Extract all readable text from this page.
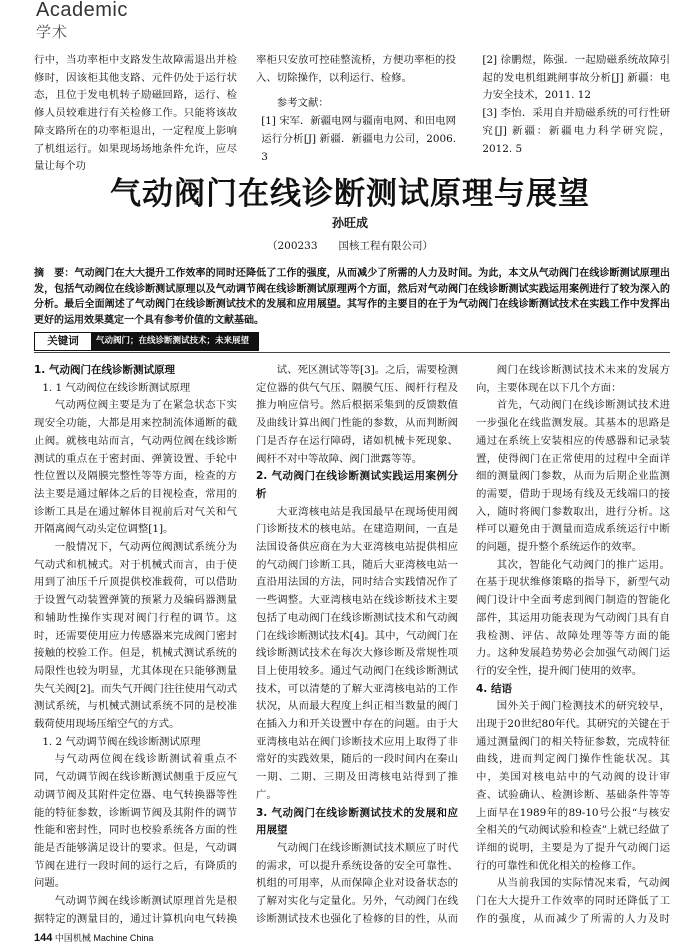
Academic
学术

行中，当功率柜中支路发生故障需退出并检修时，因该柜其他支路、元件仍处于运行状态，且位于发电机转子励磁回路，运行、检修人员较难进行有关检修工作。只能将该故障支路所在的功率柜退出，一定程度上影响了机组运行。如果现场场地条件允许，应尽量让每个功

率柜只安放可控硅整流桥，方便功率柜的投入、切除操作，以利运行、检修。

参考文献：

[1] 宋军．新疆电网与疆南电网、和田电网运行分析[J] 新疆．新疆电力公司，2006. 3

[2] 徐鹏煜，陈强．一起励磁系统故障引起的发电机组跳闸事故分析[J] 新疆：电力安全技术，2011. 12

[3] 李怡．采用自并励磁系统的可行性研究[J] 新疆：新疆电力科学研究院，2012. 5

气动阀门在线诊断测试原理与展望
孙旺成
（200233　　国核工程有限公司）
摘　要：气动阀门在大大提升工作效率的同时还降低了工作的强度，从而减少了所需的人力及时间。为此，本文从气动阀门在线诊断测试原理出发，包括气动阀位在线诊断测试原理以及气动调节阀在线诊断测试原理两个方面，然后对气动阀门在线诊断测试实践运用案例进行了较为深入的分析。最后全面阐述了气动阀门在线诊断测试技术的发展和应用展望。其写作的主要目的在于为气动阀门在线诊断测试技术在实践工作中发挥出更好的运用效果奠定一个具有参考价值的文献基础。
关键词	气动阀门；在线诊断测试技术；未来展望
1. 气动阀门在线诊断测试原理

1. 1 气动阀位在线诊断测试原理

气动两位阀主要是为了在紧急状态下实现安全功能，大都是用来控制流体通断的截止阀。就核电站而言，气动两位阀在线诊断测试的重点在于密封面、弹簧设置、手轮中性位置以及隔膜完整性等等方面，检查的方法主要是通过解体之后的目视检查，常用的诊断工具是在通过解体目视前后对气关和气开隔离阀气动头定位调整[1]。

一般情况下，气动两位阀测试系统分为气动式和机械式。对于机械式而言，由于使用到了油压千斤顶提供校准载荷，可以借助于设置气动装置弹簧的预紧力及编码器测量和辅助性操作实现对阀门行程的调节。这时，还需要使用应力传感器来完成阀门密封接触的校验工作。但是，机械式测试系统的局限性也较为明显，尤其体现在只能够测量失气关阀[2]。而失气开阀门往往使用气动式测试系统，与机械式测试系统不同的是校准载荷使用现场压缩空气的方式。

1. 2 气动调节阀在线诊断测试原理

与气动两位阀在线诊断测试着重点不同，气动调节阀在线诊断测试侧重于反应气动调节阀及其附件定位器、电气转换器等性能的特征参数，诊断调节阀及其附件的调节性能和密封性，同时也校验系统各方面的性能是否能够满足设计的要求。但是，气动调节阀在进行一段时间的运行之后，有降质的问题。

气动调节阀在线诊断测试原理首先是根据特定的测量目的，通过计算机向电气转换

试、死区测试等等[3]。之后，需要检测定位器的供气气压、隔膜气压、阀杆行程及推力响应信号。然后根据采集到的反馈数值及曲线计算出阀门性能的参数，从而判断阀门是否存在运行障碍，诸如机械卡死现象、阀杆不对中等故障、阀门泄露等等。

2. 气动阀门在线诊断测试实践运用案例分析

大亚湾核电站是我国最早在现场使用阀门诊断技术的核电站。在建造期间，一直是法国设备供应商在为大亚湾核电站提供相应的气动阀门诊断工具，随后大亚湾核电站一直沿用法国的方法，同时结合实践情况作了一些调整。大亚湾核电站在线诊断技术主要包括了电动阀门在线诊断测试技术和气动阀门在线诊断测试技术[4]。其中，气动阀门在线诊断测试技术在每次大修诊断及常规性项目上使用较多。通过气动阀门在线诊断测试技术，可以清楚的了解大亚湾核电站的工作状况，从而最大程度上纠正相当数量的阀门在插入力和开关设置中存在的问题。由于大亚湾核电站在阀门诊断技术应用上取得了非常好的实践效果，随后的一段时间内在秦山一期、二期、三期及田湾核电站得到了推广。

3. 气动阀门在线诊断测试技术的发展和应用展望

气动阀门在线诊断测试技术顺应了时代的需求，可以提升系统设备的安全可靠性、机组的可用率，从而保障企业对设备状态的了解对实化与定量化。另外，气动阀门在线诊断测试技术也强化了检修的目的性，从而

阀门在线诊断测试技术未来的发展方向，主要体现在以下几个方面：

首先，气动阀门在线诊断测试技术进一步强化在线监测发展。其基本的思路是通过在系统上安装相应的传感器和记录装置，使得阀门在正常使用的过程中全面详细的测量阀门参数，从而为后期企业监测的需要，借助于现场有线及无线端口的接入，随时将阀门参数取出，进行分析。这样可以避免由于测量而造成系统运行中断的问题，提升整个系统运作的效率。

其次，智能化气动阀门的推广运用。在基于现状维修策略的指导下，新型气动阀门设计中全面考虑到阀门制造的智能化部件，其运用功能表现为气动阀门具有自我检测、评估、故障处理等等方面的能力。这种发展趋势势必会加强气动阀门运行的安全性，提升阀门使用的效率。

4. 结语

国外关于阀门检测技术的研究较早，出现于20世纪80年代。其研究的关键在于通过测量阀门的相关特征参数，完成特征曲线，进而判定阀门操作性能状况。其中，美国对核电站中的气动阀的设计审查、试验确认、检测诊断、基础条件等等上面早在1989年的89-10号公报“与核安全相关的气动阀试验和检查”上就已经做了详细的说明，主要是为了提升气动阀门运行的可靠性和优化相关的检修工作。

从当前我国的实际情况来看，气动阀门在大大提升工作效率的同时还降低了工作的强度，从而减少了所需的人力及时

144 中国机械 Machine China
